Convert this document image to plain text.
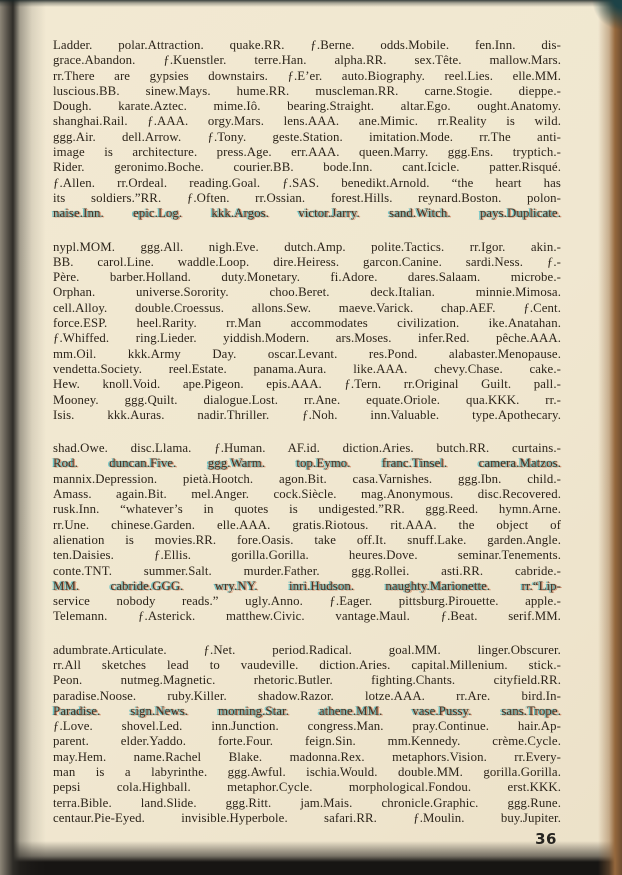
Ladder. polar.Attraction. quake.RR. ƒ.Berne. odds.Mobile. fen.Inn. dis-
grace.Abandon. ƒ.Kuenstler. terre.Han. alpha.RR. sex.Tête. mallow.Mars.
rr.There are gypsies downstairs. ƒ.E’er. auto.Biography. reel.Lies. elle.MM.
luscious.BB. sinew.Mays. hume.RR. muscleman.RR. carne.Stogie. dieppe.-
Dough. karate.Aztec. mime.Iô. bearing.Straight. altar.Ego. ought.Anatomy.
shanghai.Rail. ƒ.AAA. orgy.Mars. lens.AAA. ane.Mimic. rr.Reality is wild.
ggg.Air. dell.Arrow. ƒ.Tony. geste.Station. imitation.Mode. rr.The anti-
image is architecture. press.Age. err.AAA. queen.Marry. ggg.Ens. tryptich.-
Rider. geronimo.Boche. courier.BB. bode.Inn. cant.Icicle. patter.Risqué.
ƒ.Allen. rr.Ordeal. reading.Goal. ƒ.SAS. benedikt.Arnold. “the heart has
its soldiers.”RR. ƒ.Often. rr.Ossian. forest.Hills. reynard.Boston. polon-
naise.Inn. epic.Log. kkk.Argos. victor.Jarry. sand.Witch. pays.Duplicate.
nypl.MOM. ggg.All. nigh.Eve. dutch.Amp. polite.Tactics. rr.Igor. akin.-
BB. carol.Line. waddle.Loop. dire.Heiress. garcon.Canine. sardi.Ness. ƒ.-
Père. barber.Holland. duty.Monetary. fi.Adore. dares.Salaam. microbe.-
Orphan. universe.Sorority. choo.Beret. deck.Italian. minnie.Mimosa.
cell.Alloy. double.Croessus. allons.Sew. maeve.Varick. chap.AEF. ƒ.Cent.
force.ESP. heel.Rarity. rr.Man accommodates civilization. ike.Anatahan.
ƒ.Whiffed. ring.Lieder. yiddish.Modern. ars.Moses. infer.Red. pêche.AAA.
mm.Oil. kkk.Army Day. oscar.Levant. res.Pond. alabaster.Menopause.
vendetta.Society. reel.Estate. panama.Aura. like.AAA. chevy.Chase. cake.-
Hew. knoll.Void. ape.Pigeon. epis.AAA. ƒ.Tern. rr.Original Guilt. pall.-
Mooney. ggg.Quilt. dialogue.Lost. rr.Ane. equate.Oriole. qua.KKK. rr.-
Isis. kkk.Auras. nadir.Thriller. ƒ.Noh. inn.Valuable. type.Apothecary.
shad.Owe. disc.Llama. ƒ.Human. AF.id. diction.Aries. butch.RR. curtains.-
Rod. duncan.Five. ggg.Warm. top.Eymo. franc.Tinsel. camera.Matzos.
mannix.Depression. pietà.Hootch. agon.Bit. casa.Varnishes. ggg.Ibn. child.-
Amass. again.Bit. mel.Anger. cock.Siècle. mag.Anonymous. disc.Recovered.
rusk.Inn. “whatever’s in quotes is undigested.”RR. ggg.Reed. hymn.Arne.
rr.Une. chinese.Garden. elle.AAA. gratis.Riotous. rit.AAA. the object of
alienation is movies.RR. fore.Oasis. take off.It. snuff.Lake. garden.Angle.
ten.Daisies. ƒ.Ellis. gorilla.Gorilla. heures.Dove. seminar.Tenements.
conte.TNT. summer.Salt. murder.Father. ggg.Rollei. asti.RR. cabride.-
MM. cabride.GGG. wry.NY. inri.Hudson. naughty.Marionette. rr.“Lip-
service nobody reads.” ugly.Anno. ƒ.Eager. pittsburg.Pirouette. apple.-
Telemann. ƒ.Asterick. matthew.Civic. vantage.Maul. ƒ.Beat. serif.MM.
adumbrate.Articulate. ƒ.Net. period.Radical. goal.MM. linger.Obscurer.
rr.All sketches lead to vaudeville. diction.Aries. capital.Millenium. stick.-
Peon. nutmeg.Magnetic. rhetoric.Butler. fighting.Chants. cityfield.RR.
paradise.Noose. ruby.Killer. shadow.Razor. lotze.AAA. rr.Are. bird.In-
Paradise. sign.News. morning.Star. athene.MM. vase.Pussy. sans.Trope.
ƒ.Love. shovel.Led. inn.Junction. congress.Man. pray.Continue. hair.Ap-
parent. elder.Yaddo. forte.Four. feign.Sin. mm.Kennedy. crème.Cycle.
may.Hem. name.Rachel Blake. madonna.Rex. metaphors.Vision. rr.Every-
man is a labyrinthe. ggg.Awful. ischia.Would. double.MM. gorilla.Gorilla.
pepsi cola.Highball. metaphor.Cycle. morphological.Fondou. erst.KKK.
terra.Bible. land.Slide. ggg.Ritt. jam.Mais. chronicle.Graphic. ggg.Rune.
centaur.Pie-Eyed. invisible.Hyperbole. safari.RR. ƒ.Moulin. buy.Jupiter.
36
